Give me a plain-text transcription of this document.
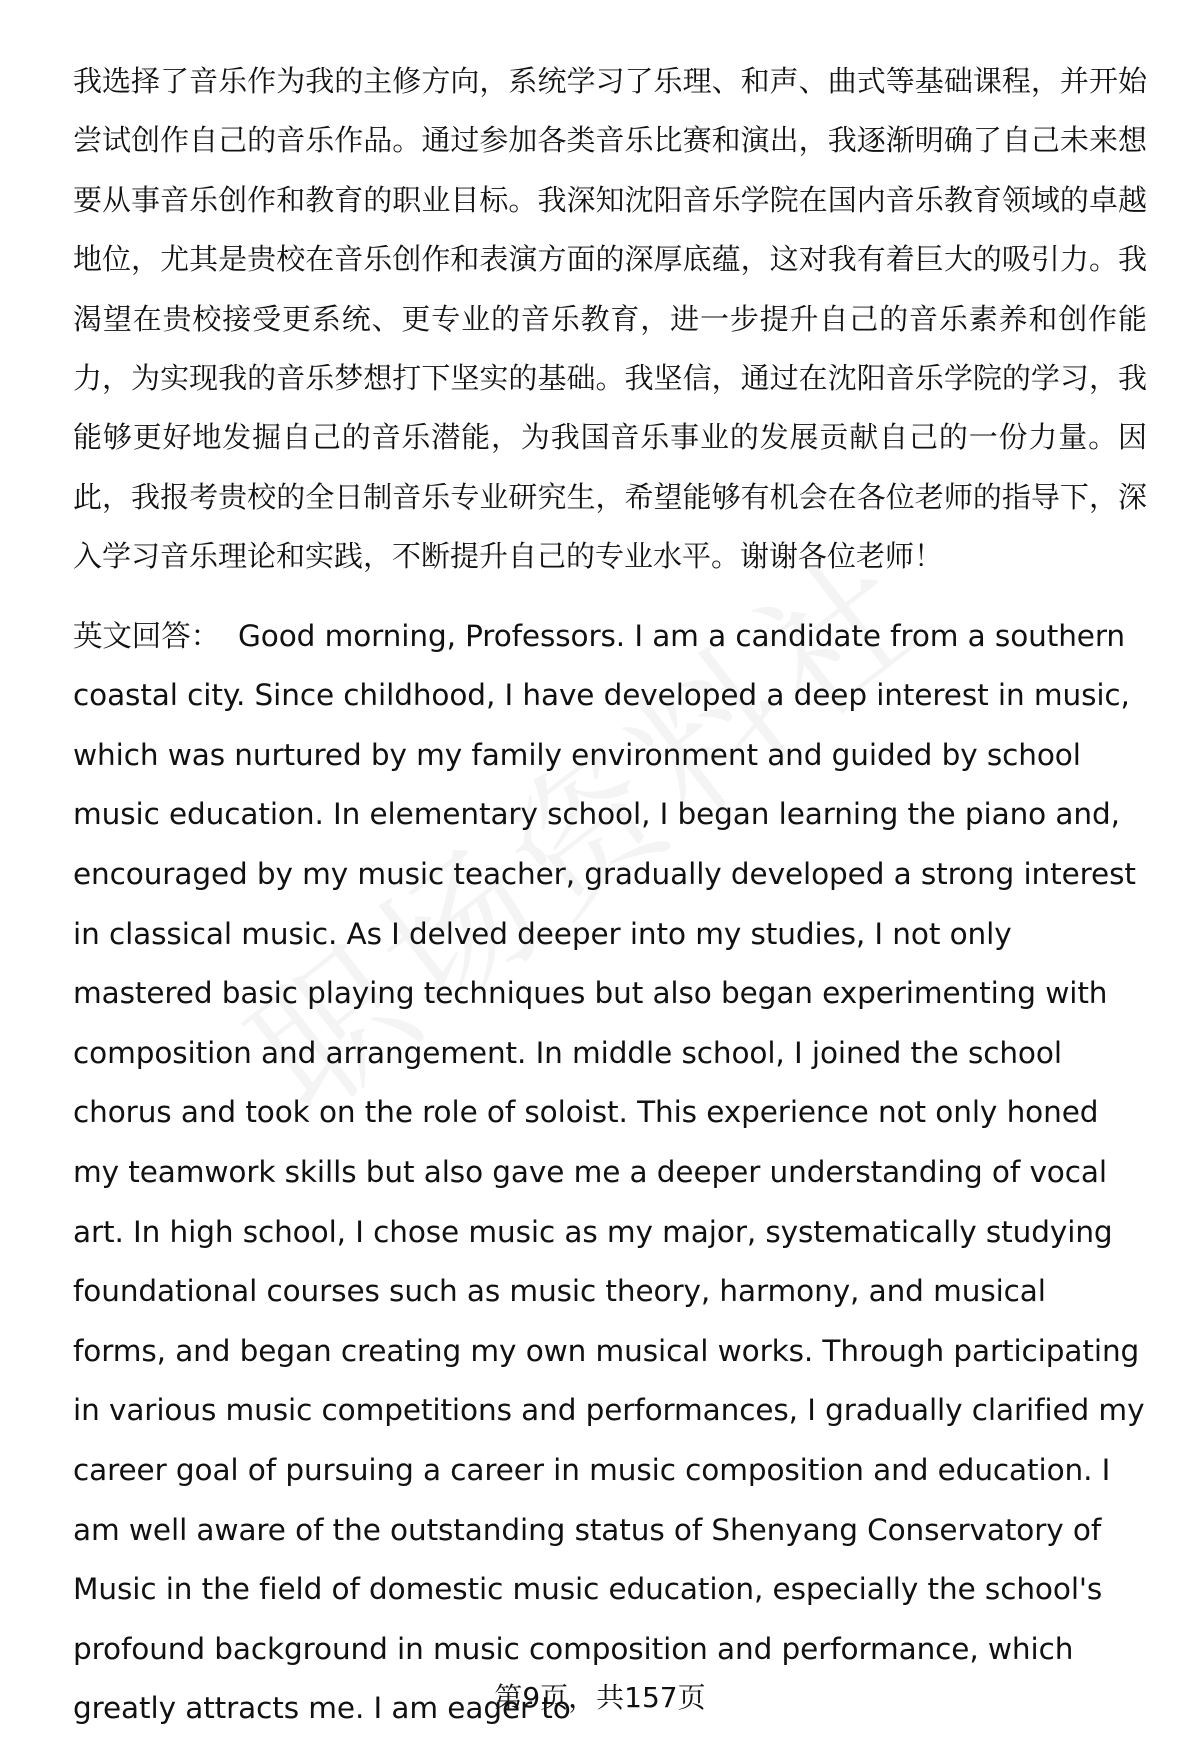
我选择了音乐作为我的主修方向，系统学习了乐理、和声、曲式等基础课程，并开始尝试创作自己的音乐作品。通过参加各类音乐比赛和演出，我逐渐明确了自己未来想要从事音乐创作和教育的职业目标。我深知沈阳音乐学院在国内音乐教育领域的卓越地位，尤其是贵校在音乐创作和表演方面的深厚底蕴，这对我有着巨大的吸引力。我渴望在贵校接受更系统、更专业的音乐教育，进一步提升自己的音乐素养和创作能力，为实现我的音乐梦想打下坚实的基础。我坚信，通过在沈阳音乐学院的学习，我能够更好地发掘自己的音乐潜能，为我国音乐事业的发展贡献自己的一份力量。因此，我报考贵校的全日制音乐专业研究生，希望能够有机会在各位老师的指导下，深入学习音乐理论和实践，不断提升自己的专业水平。谢谢各位老师！

英文回答： Good morning, Professors. I am a candidate from a southern coastal city. Since childhood, I have developed a deep interest in music, which was nurtured by my family environment and guided by school music education. In elementary school, I began learning the piano and, encouraged by my music teacher, gradually developed a strong interest in classical music. As I delved deeper into my studies, I not only mastered basic playing techniques but also began experimenting with composition and arrangement. In middle school, I joined the school chorus and took on the role of soloist. This experience not only honed my teamwork skills but also gave me a deeper understanding of vocal art. In high school, I chose music as my major, systematically studying foundational courses such as music theory, harmony, and musical forms, and began creating my own musical works. Through participating in various music competitions and performances, I gradually clarified my career goal of pursuing a career in music composition and education. I am well aware of the outstanding status of Shenyang Conservatory of Music in the field of domestic music education, especially the school's profound background in music composition and performance, which greatly attracts me. I am eager to

第9页，共157页
